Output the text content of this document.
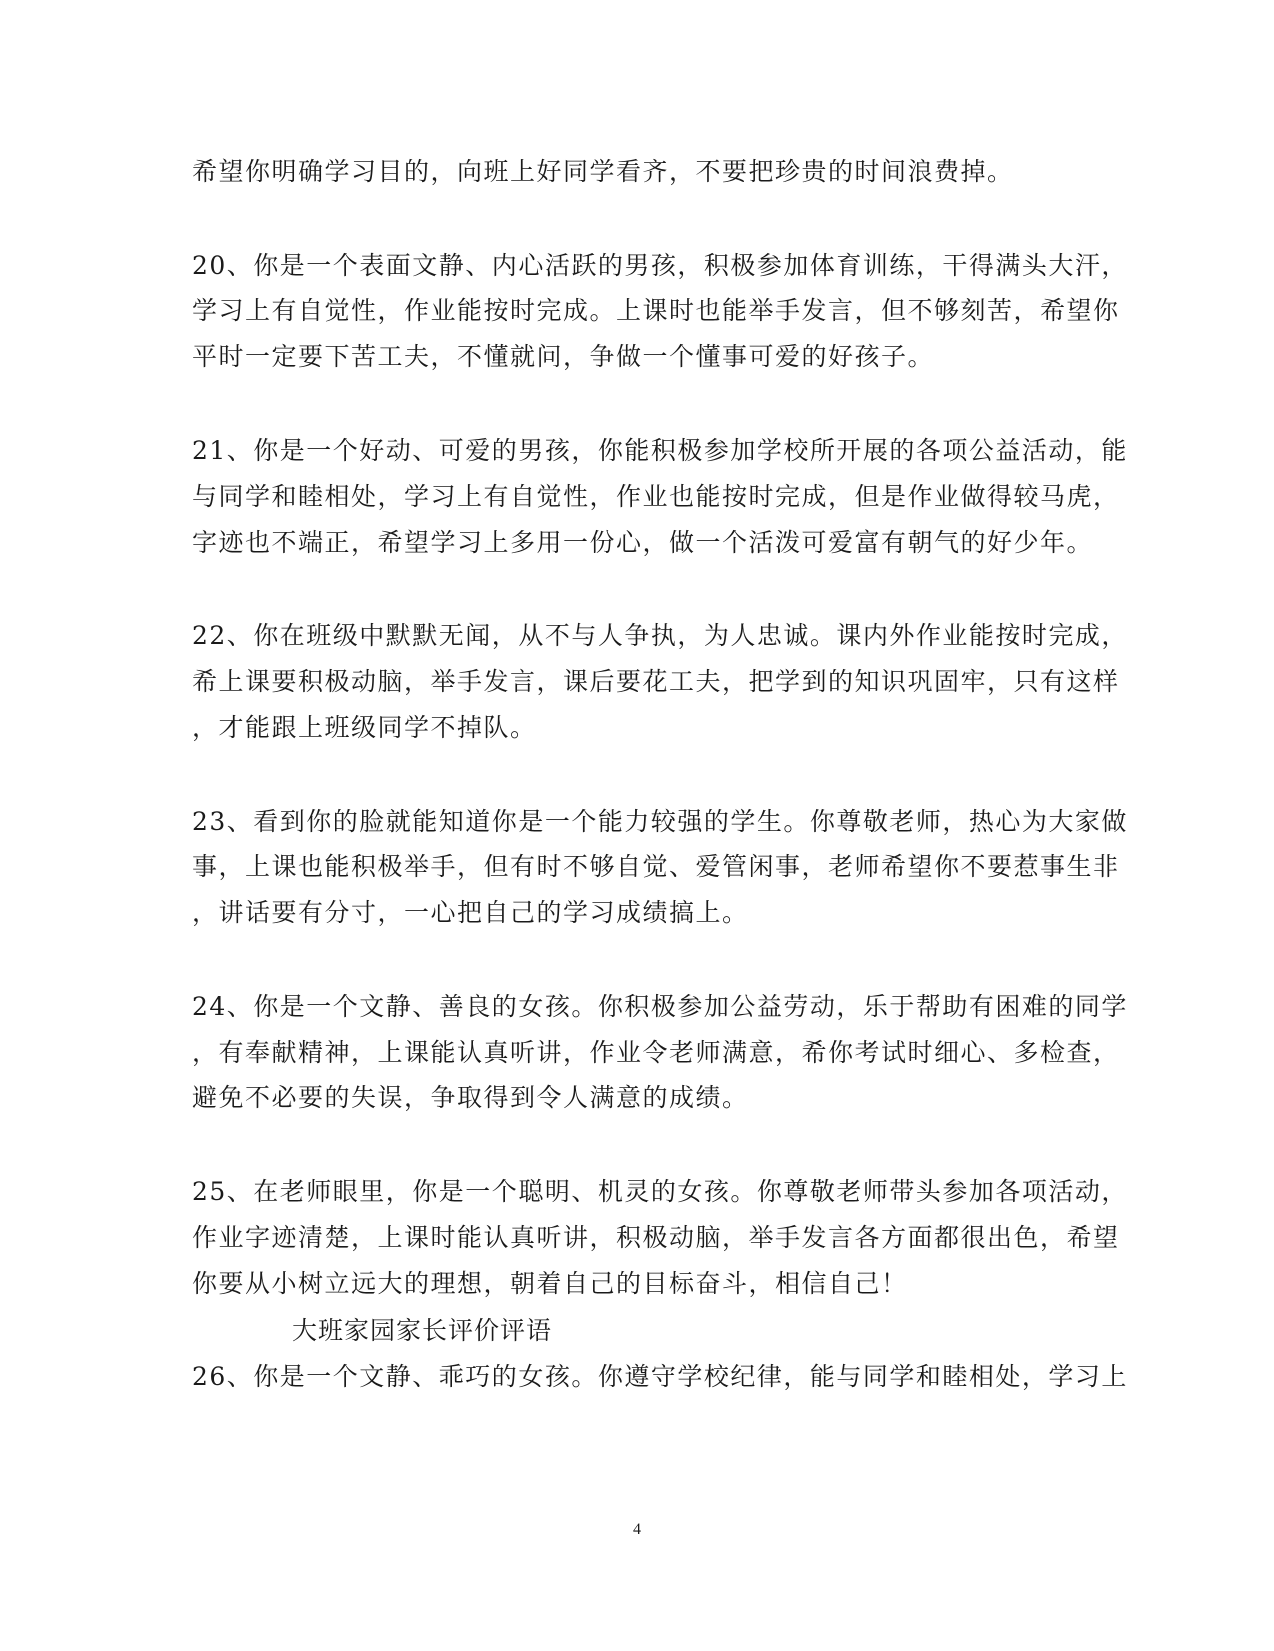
希望你明确学习目的，向班上好同学看齐，不要把珍贵的时间浪费掉。
20、你是一个表面文静、内心活跃的男孩，积极参加体育训练，干得满头大汗，
学习上有自觉性，作业能按时完成。上课时也能举手发言，但不够刻苦，希望你
平时一定要下苦工夫，不懂就问，争做一个懂事可爱的好孩子。
21、你是一个好动、可爱的男孩，你能积极参加学校所开展的各项公益活动，能
与同学和睦相处，学习上有自觉性，作业也能按时完成，但是作业做得较马虎，
字迹也不端正，希望学习上多用一份心，做一个活泼可爱富有朝气的好少年。
22、你在班级中默默无闻，从不与人争执，为人忠诚。课内外作业能按时完成，
希上课要积极动脑，举手发言，课后要花工夫，把学到的知识巩固牢，只有这样
，才能跟上班级同学不掉队。
23、看到你的脸就能知道你是一个能力较强的学生。你尊敬老师，热心为大家做
事，上课也能积极举手，但有时不够自觉、爱管闲事，老师希望你不要惹事生非
，讲话要有分寸，一心把自己的学习成绩搞上。
24、你是一个文静、善良的女孩。你积极参加公益劳动，乐于帮助有困难的同学
，有奉献精神，上课能认真听讲，作业令老师满意，希你考试时细心、多检查，
避免不必要的失误，争取得到令人满意的成绩。
25、在老师眼里，你是一个聪明、机灵的女孩。你尊敬老师带头参加各项活动，
作业字迹清楚，上课时能认真听讲，积极动脑，举手发言各方面都很出色，希望
你要从小树立远大的理想，朝着自己的目标奋斗，相信自己！
大班家园家长评价评语
26、你是一个文静、乖巧的女孩。你遵守学校纪律，能与同学和睦相处，学习上
4
